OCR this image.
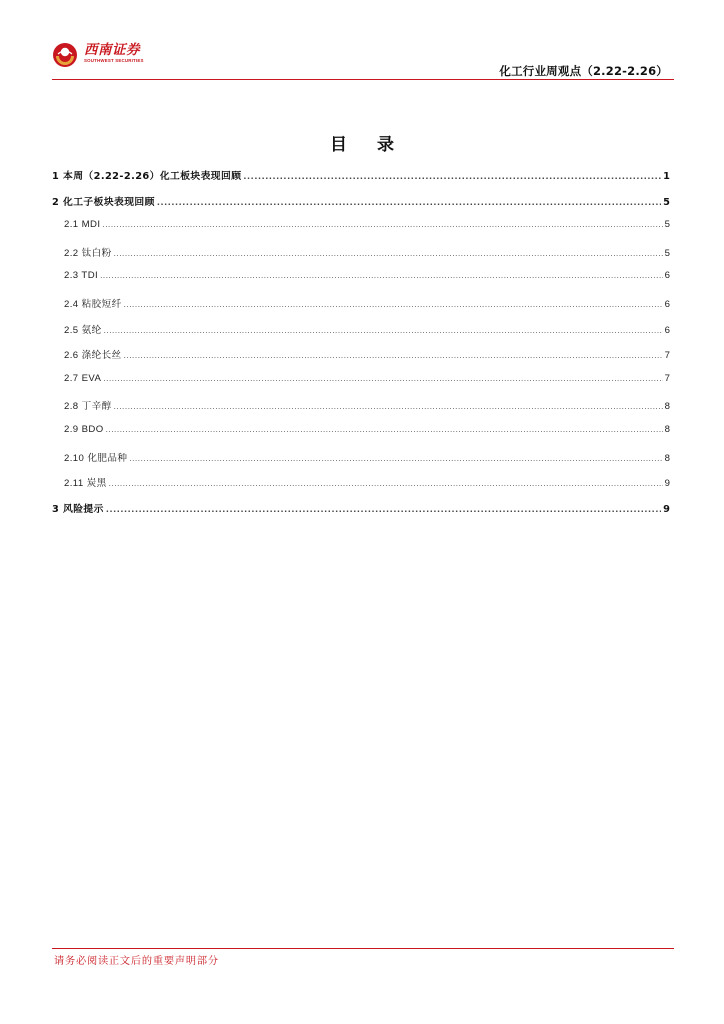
西南证券
SOUTHWEST SECURITIES
化工行业周观点（2.22-2.26）
目 录
1 本周（2.22-2.26）化工板块表现回顾 .....	1
2 化工子板块表现回顾 .....	5
2.1 MDI .....	5
2.2 钛白粉 .....	5
2.3 TDI .....	6
2.4 粘胶短纤 .....	6
2.5 氨纶 .....	6
2.6 涤纶长丝 .....	7
2.7 EVA .....	7
2.8 丁辛醇 .....	8
2.9 BDO .....	8
2.10 化肥品种 .....	8
2.11 炭黑 .....	9
3 风险提示 .....	9
请务必阅读正文后的重要声明部分
